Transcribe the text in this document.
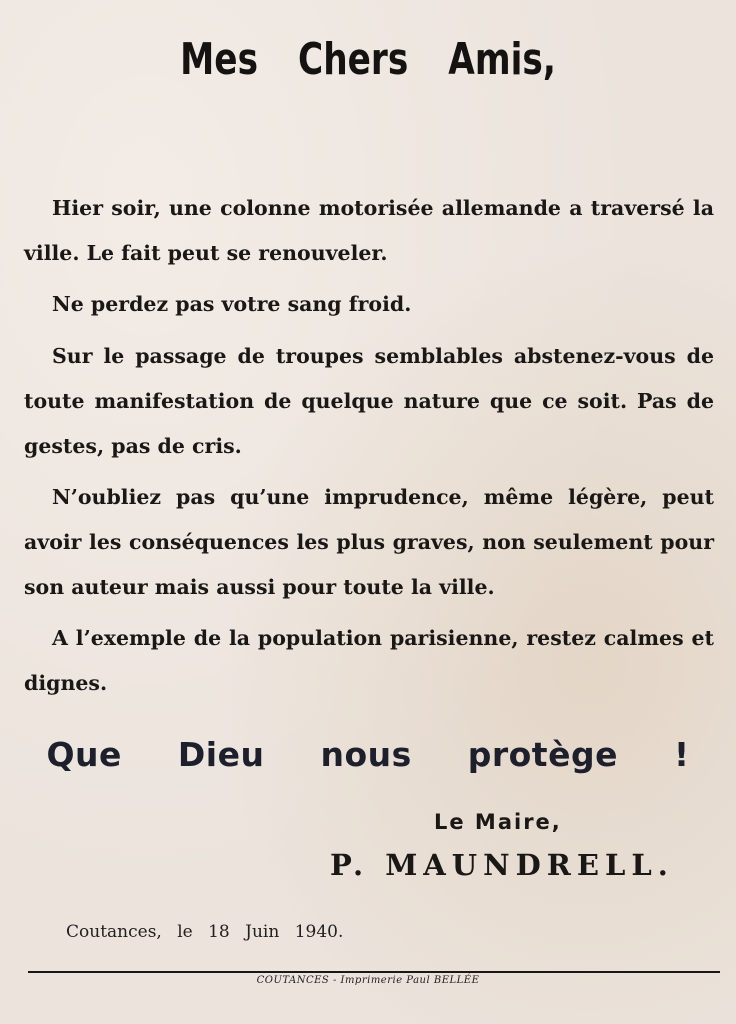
Mes Chers Amis,
Hier soir, une colonne motorisée allemande a traversé la ville. Le fait peut se renouveler.
Ne perdez pas votre sang froid.
Sur le passage de troupes semblables abstenez-vous de toute manifestation de quelque nature que ce soit. Pas de gestes, pas de cris.
N’oubliez pas qu’une imprudence, même légère, peut avoir les conséquences les plus graves, non seulement pour son auteur mais aussi pour toute la ville.
A l’exemple de la population parisienne, restez calmes et dignes.
Que Dieu nous protège !
Le Maire,
P. MAUNDRELL.
Coutances, le 18 Juin 1940.
COUTANCES - Imprimerie Paul BELLÉE
